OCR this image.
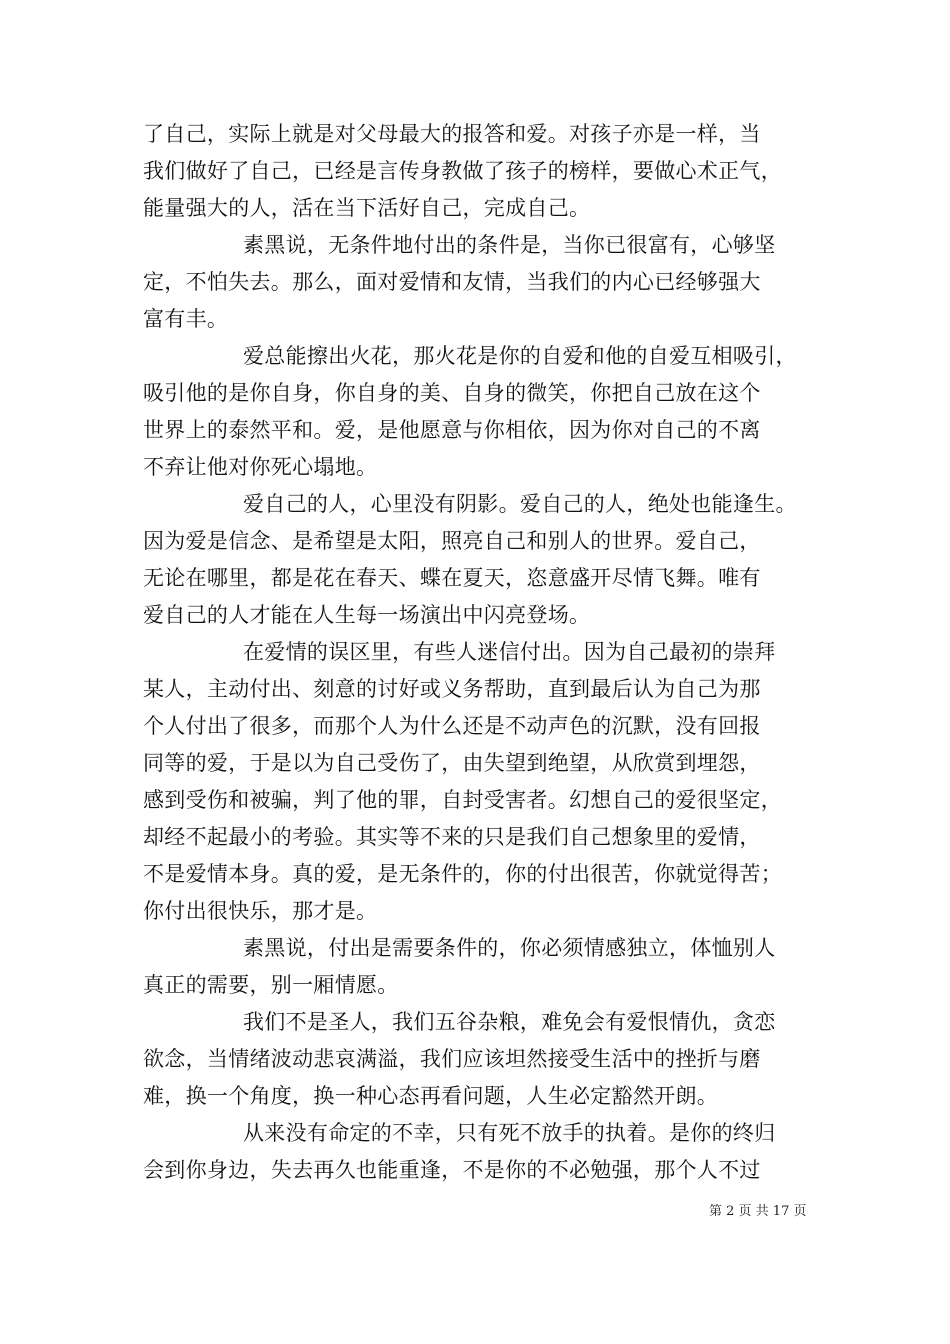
了自己，实际上就是对父母最大的报答和爱。对孩子亦是一样，当
我们做好了自己，已经是言传身教做了孩子的榜样，要做心术正气，
能量强大的人，活在当下活好自己，完成自己。
素黑说，无条件地付出的条件是，当你已很富有，心够坚
定，不怕失去。那么，面对爱情和友情，当我们的内心已经够强大
富有丰。
爱总能擦出火花，那火花是你的自爱和他的自爱互相吸引，
吸引他的是你自身，你自身的美、自身的微笑，你把自己放在这个
世界上的泰然平和。爱，是他愿意与你相依，因为你对自己的不离
不弃让他对你死心塌地。
爱自己的人，心里没有阴影。爱自己的人，绝处也能逢生。
因为爱是信念、是希望是太阳，照亮自己和别人的世界。爱自己，
无论在哪里，都是花在春天、蝶在夏天，恣意盛开尽情飞舞。唯有
爱自己的人才能在人生每一场演出中闪亮登场。
在爱情的误区里，有些人迷信付出。因为自己最初的崇拜
某人，主动付出、刻意的讨好或义务帮助，直到最后认为自己为那
个人付出了很多，而那个人为什么还是不动声色的沉默，没有回报
同等的爱，于是以为自己受伤了，由失望到绝望，从欣赏到埋怨，
感到受伤和被骗，判了他的罪，自封受害者。幻想自己的爱很坚定，
却经不起最小的考验。其实等不来的只是我们自己想象里的爱情，
不是爱情本身。真的爱，是无条件的，你的付出很苦，你就觉得苦；
你付出很快乐，那才是。
素黑说，付出是需要条件的，你必须情感独立，体恤别人
真正的需要，别一厢情愿。
我们不是圣人，我们五谷杂粮，难免会有爱恨情仇，贪恋
欲念，当情绪波动悲哀满溢，我们应该坦然接受生活中的挫折与磨
难，换一个角度，换一种心态再看问题，人生必定豁然开朗。
从来没有命定的不幸，只有死不放手的执着。是你的终归
会到你身边，失去再久也能重逢，不是你的不必勉强，那个人不过
第 2 页 共 17 页
